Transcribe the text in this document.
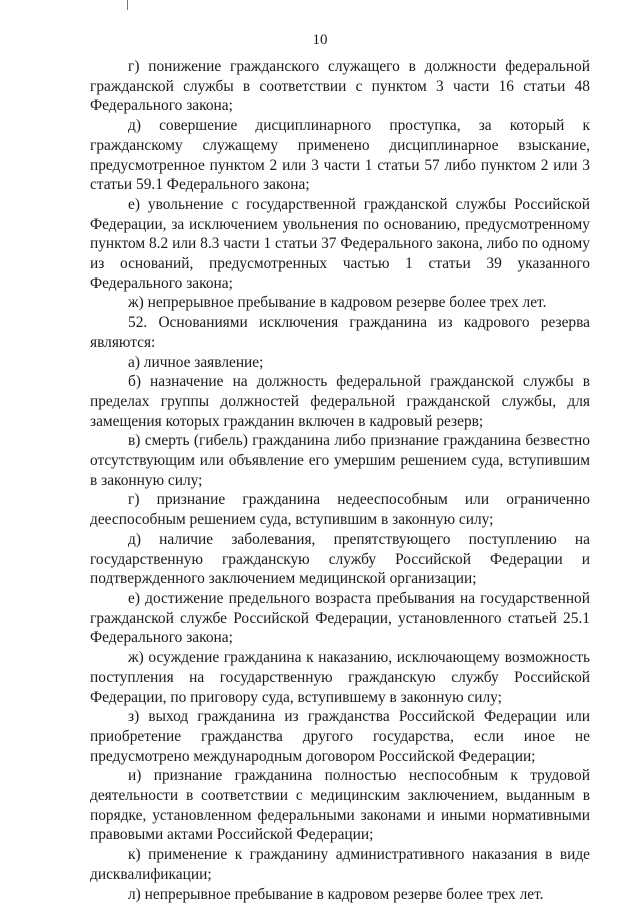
10

г) понижение гражданского служащего в должности федеральной гражданской службы в соответствии с пунктом 3 части 16 статьи 48 Федерального закона;

д) совершение дисциплинарного проступка, за который к гражданскому служащему применено дисциплинарное взыскание, предусмотренное пунктом 2 или 3 части 1 статьи 57 либо пунктом 2 или 3 статьи 59.1 Федерального закона;

е) увольнение с государственной гражданской службы Российской Федерации, за исключением увольнения по основанию, предусмотренному пунктом 8.2 или 8.3 части 1 статьи 37 Федерального закона, либо по одному из оснований, предусмотренных частью 1 статьи 39 указанного Федерального закона;

ж) непрерывное пребывание в кадровом резерве более трех лет.

52. Основаниями исключения гражданина из кадрового резерва являются:

а) личное заявление;

б) назначение на должность федеральной гражданской службы в пределах группы должностей федеральной гражданской службы, для замещения которых гражданин включен в кадровый резерв;

в) смерть (гибель) гражданина либо признание гражданина безвестно отсутствующим или объявление его умершим решением суда, вступившим в законную силу;

г) признание гражданина недееспособным или ограниченно дееспособным решением суда, вступившим в законную силу;

д) наличие заболевания, препятствующего поступлению на государственную гражданскую службу Российской Федерации и подтвержденного заключением медицинской организации;

е) достижение предельного возраста пребывания на государственной гражданской службе Российской Федерации, установленного статьей 25.1 Федерального закона;

ж) осуждение гражданина к наказанию, исключающему возможность поступления на государственную гражданскую службу Российской Федерации, по приговору суда, вступившему в законную силу;

з) выход гражданина из гражданства Российской Федерации или приобретение гражданства другого государства, если иное не предусмотрено международным договором Российской Федерации;

и) признание гражданина полностью неспособным к трудовой деятельности в соответствии с медицинским заключением, выданным в порядке, установленном федеральными законами и иными нормативными правовыми актами Российской Федерации;

к) применение к гражданину административного наказания в виде дисквалификации;

л) непрерывное пребывание в кадровом резерве более трех лет.
